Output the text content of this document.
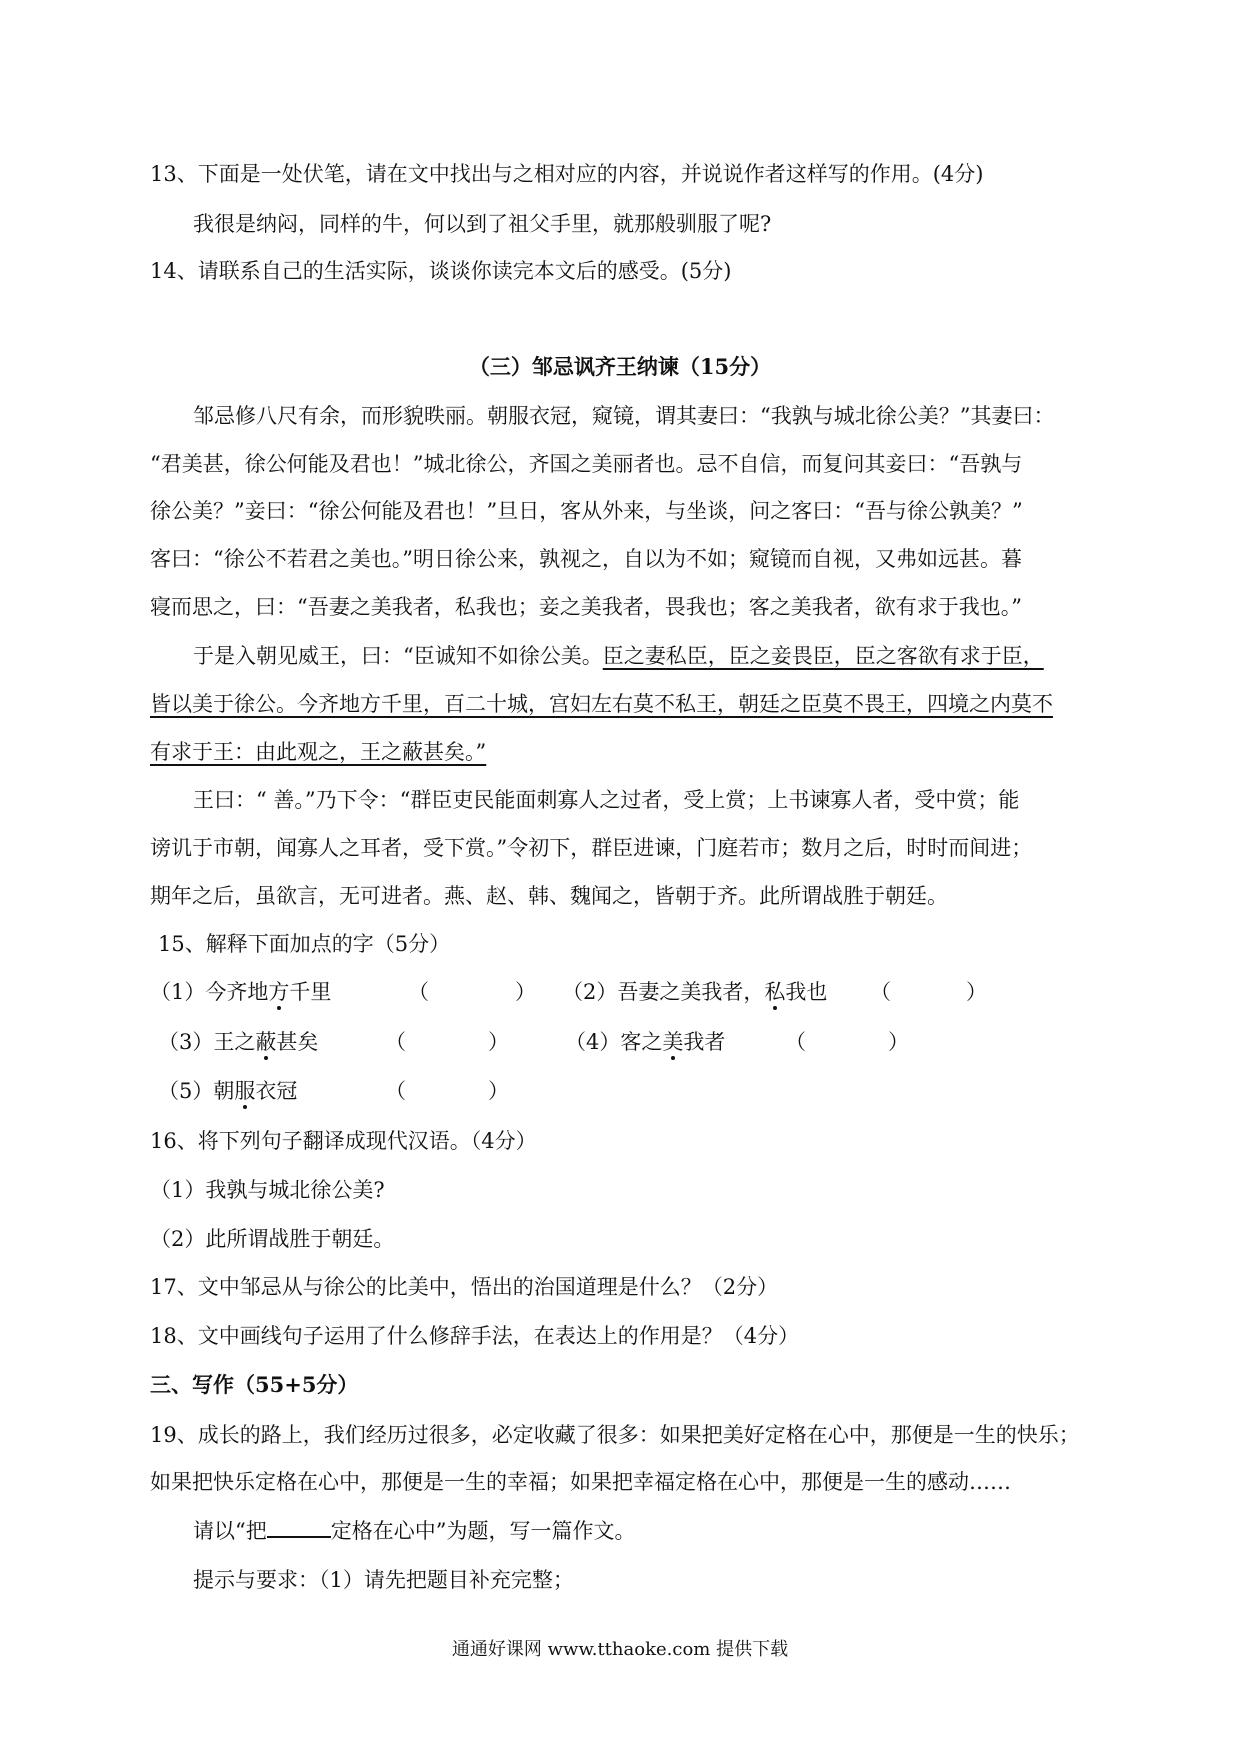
13、下面是一处伏笔，请在文中找出与之相对应的内容，并说说作者这样写的作用。(4分)
我很是纳闷，同样的牛，何以到了祖父手里，就那般驯服了呢?
14、请联系自己的生活实际，谈谈你读完本文后的感受。(5分)
（三）邹忌讽齐王纳谏（15分）
邹忌修八尺有余，而形貌昳丽。朝服衣冠，窥镜，谓其妻曰：“我孰与城北徐公美？”其妻曰：
“君美甚，徐公何能及君也！”城北徐公，齐国之美丽者也。忌不自信，而复问其妾曰：“吾孰与
徐公美？”妾曰：“徐公何能及君也！”旦日，客从外来，与坐谈，问之客曰：“吾与徐公孰美？”
客曰：“徐公不若君之美也。”明日徐公来，孰视之，自以为不如；窥镜而自视，又弗如远甚。暮
寝而思之，曰：“吾妻之美我者，私我也；妾之美我者，畏我也；客之美我者，欲有求于我也。”
于是入朝见威王，曰：“臣诚知不如徐公美。臣之妻私臣，臣之妾畏臣，臣之客欲有求于臣，
皆以美于徐公。今齐地方千里，百二十城，宫妇左右莫不私王，朝廷之臣莫不畏王，四境之内莫不
有求于王：由此观之，王之蔽甚矣。”
王曰：“ 善。”乃下令：“群臣吏民能面刺寡人之过者，受上赏；上书谏寡人者，受中赏；能
谤讥于市朝，闻寡人之耳者，受下赏。”令初下，群臣进谏，门庭若市；数月之后，时时而间进；
期年之后，虽欲言，无可进者。燕、赵、韩、魏闻之，皆朝于齐。此所谓战胜于朝廷。
15、解释下面加点的字（5分）
（1）今齐地方千里	（	） （2）吾妻之美我者，私我也 （	）
（3）王之蔽甚矣	（	）	（4）客之美我者	（	）
（5）朝服衣冠	（	）
16、将下列句子翻译成现代汉语。（4分）
（1）我孰与城北徐公美?
（2）此所谓战胜于朝廷。
17、文中邹忌从与徐公的比美中，悟出的治国道理是什么？（2分）
18、文中画线句子运用了什么修辞手法，在表达上的作用是？（4分）
三、写作（55+5分）
19、成长的路上，我们经历过很多，必定收藏了很多：如果把美好定格在心中，那便是一生的快乐；
如果把快乐定格在心中，那便是一生的幸福；如果把幸福定格在心中，那便是一生的感动……
请以“把	定格在心中”为题，写一篇作文。
提示与要求：（1）请先把题目补充完整；
通通好课网 www.tthaoke.com 提供下载
